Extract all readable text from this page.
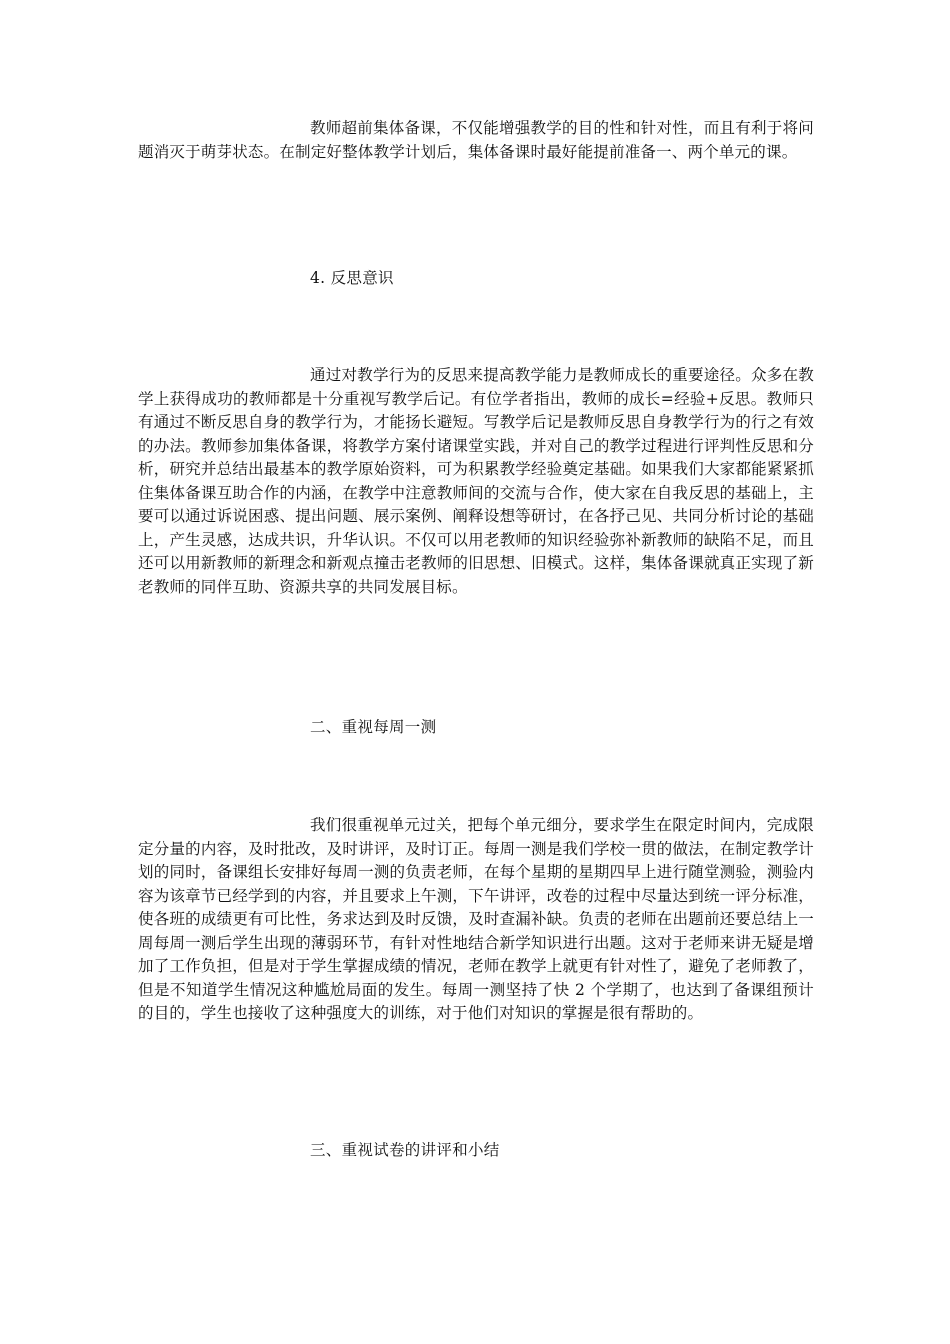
教师超前集体备课，不仅能增强教学的目的性和针对性，而且有利于将问题消灭于萌芽状态。在制定好整体教学计划后，集体备课时最好能提前准备一、两个单元的课。

4. 反思意识

通过对教学行为的反思来提高教学能力是教师成长的重要途径。众多在教学上获得成功的教师都是十分重视写教学后记。有位学者指出，教师的成长=经验+反思。教师只有通过不断反思自身的教学行为，才能扬长避短。写教学后记是教师反思自身教学行为的行之有效的办法。教师参加集体备课，将教学方案付诸课堂实践，并对自己的教学过程进行评判性反思和分析，研究并总结出最基本的教学原始资料，可为积累教学经验奠定基础。如果我们大家都能紧紧抓住集体备课互助合作的内涵，在教学中注意教师间的交流与合作，使大家在自我反思的基础上，主要可以通过诉说困惑、提出问题、展示案例、阐释设想等研讨，在各抒己见、共同分析讨论的基础上，产生灵感，达成共识，升华认识。不仅可以用老教师的知识经验弥补新教师的缺陷不足，而且还可以用新教师的新理念和新观点撞击老教师的旧思想、旧模式。这样，集体备课就真正实现了新老教师的同伴互助、资源共享的共同发展目标。

二、重视每周一测

我们很重视单元过关，把每个单元细分，要求学生在限定时间内，完成限定分量的内容，及时批改，及时讲评，及时订正。每周一测是我们学校一贯的做法，在制定教学计划的同时，备课组长安排好每周一测的负责老师，在每个星期的星期四早上进行随堂测验，测验内容为该章节已经学到的内容，并且要求上午测，下午讲评，改卷的过程中尽量达到统一评分标准，使各班的成绩更有可比性，务求达到及时反馈，及时查漏补缺。负责的老师在出题前还要总结上一周每周一测后学生出现的薄弱环节，有针对性地结合新学知识进行出题。这对于老师来讲无疑是增加了工作负担，但是对于学生掌握成绩的情况，老师在教学上就更有针对性了，避免了老师教了，但是不知道学生情况这种尴尬局面的发生。每周一测坚持了快 2 个学期了，也达到了备课组预计的目的，学生也接收了这种强度大的训练，对于他们对知识的掌握是很有帮助的。

三、重视试卷的讲评和小结
